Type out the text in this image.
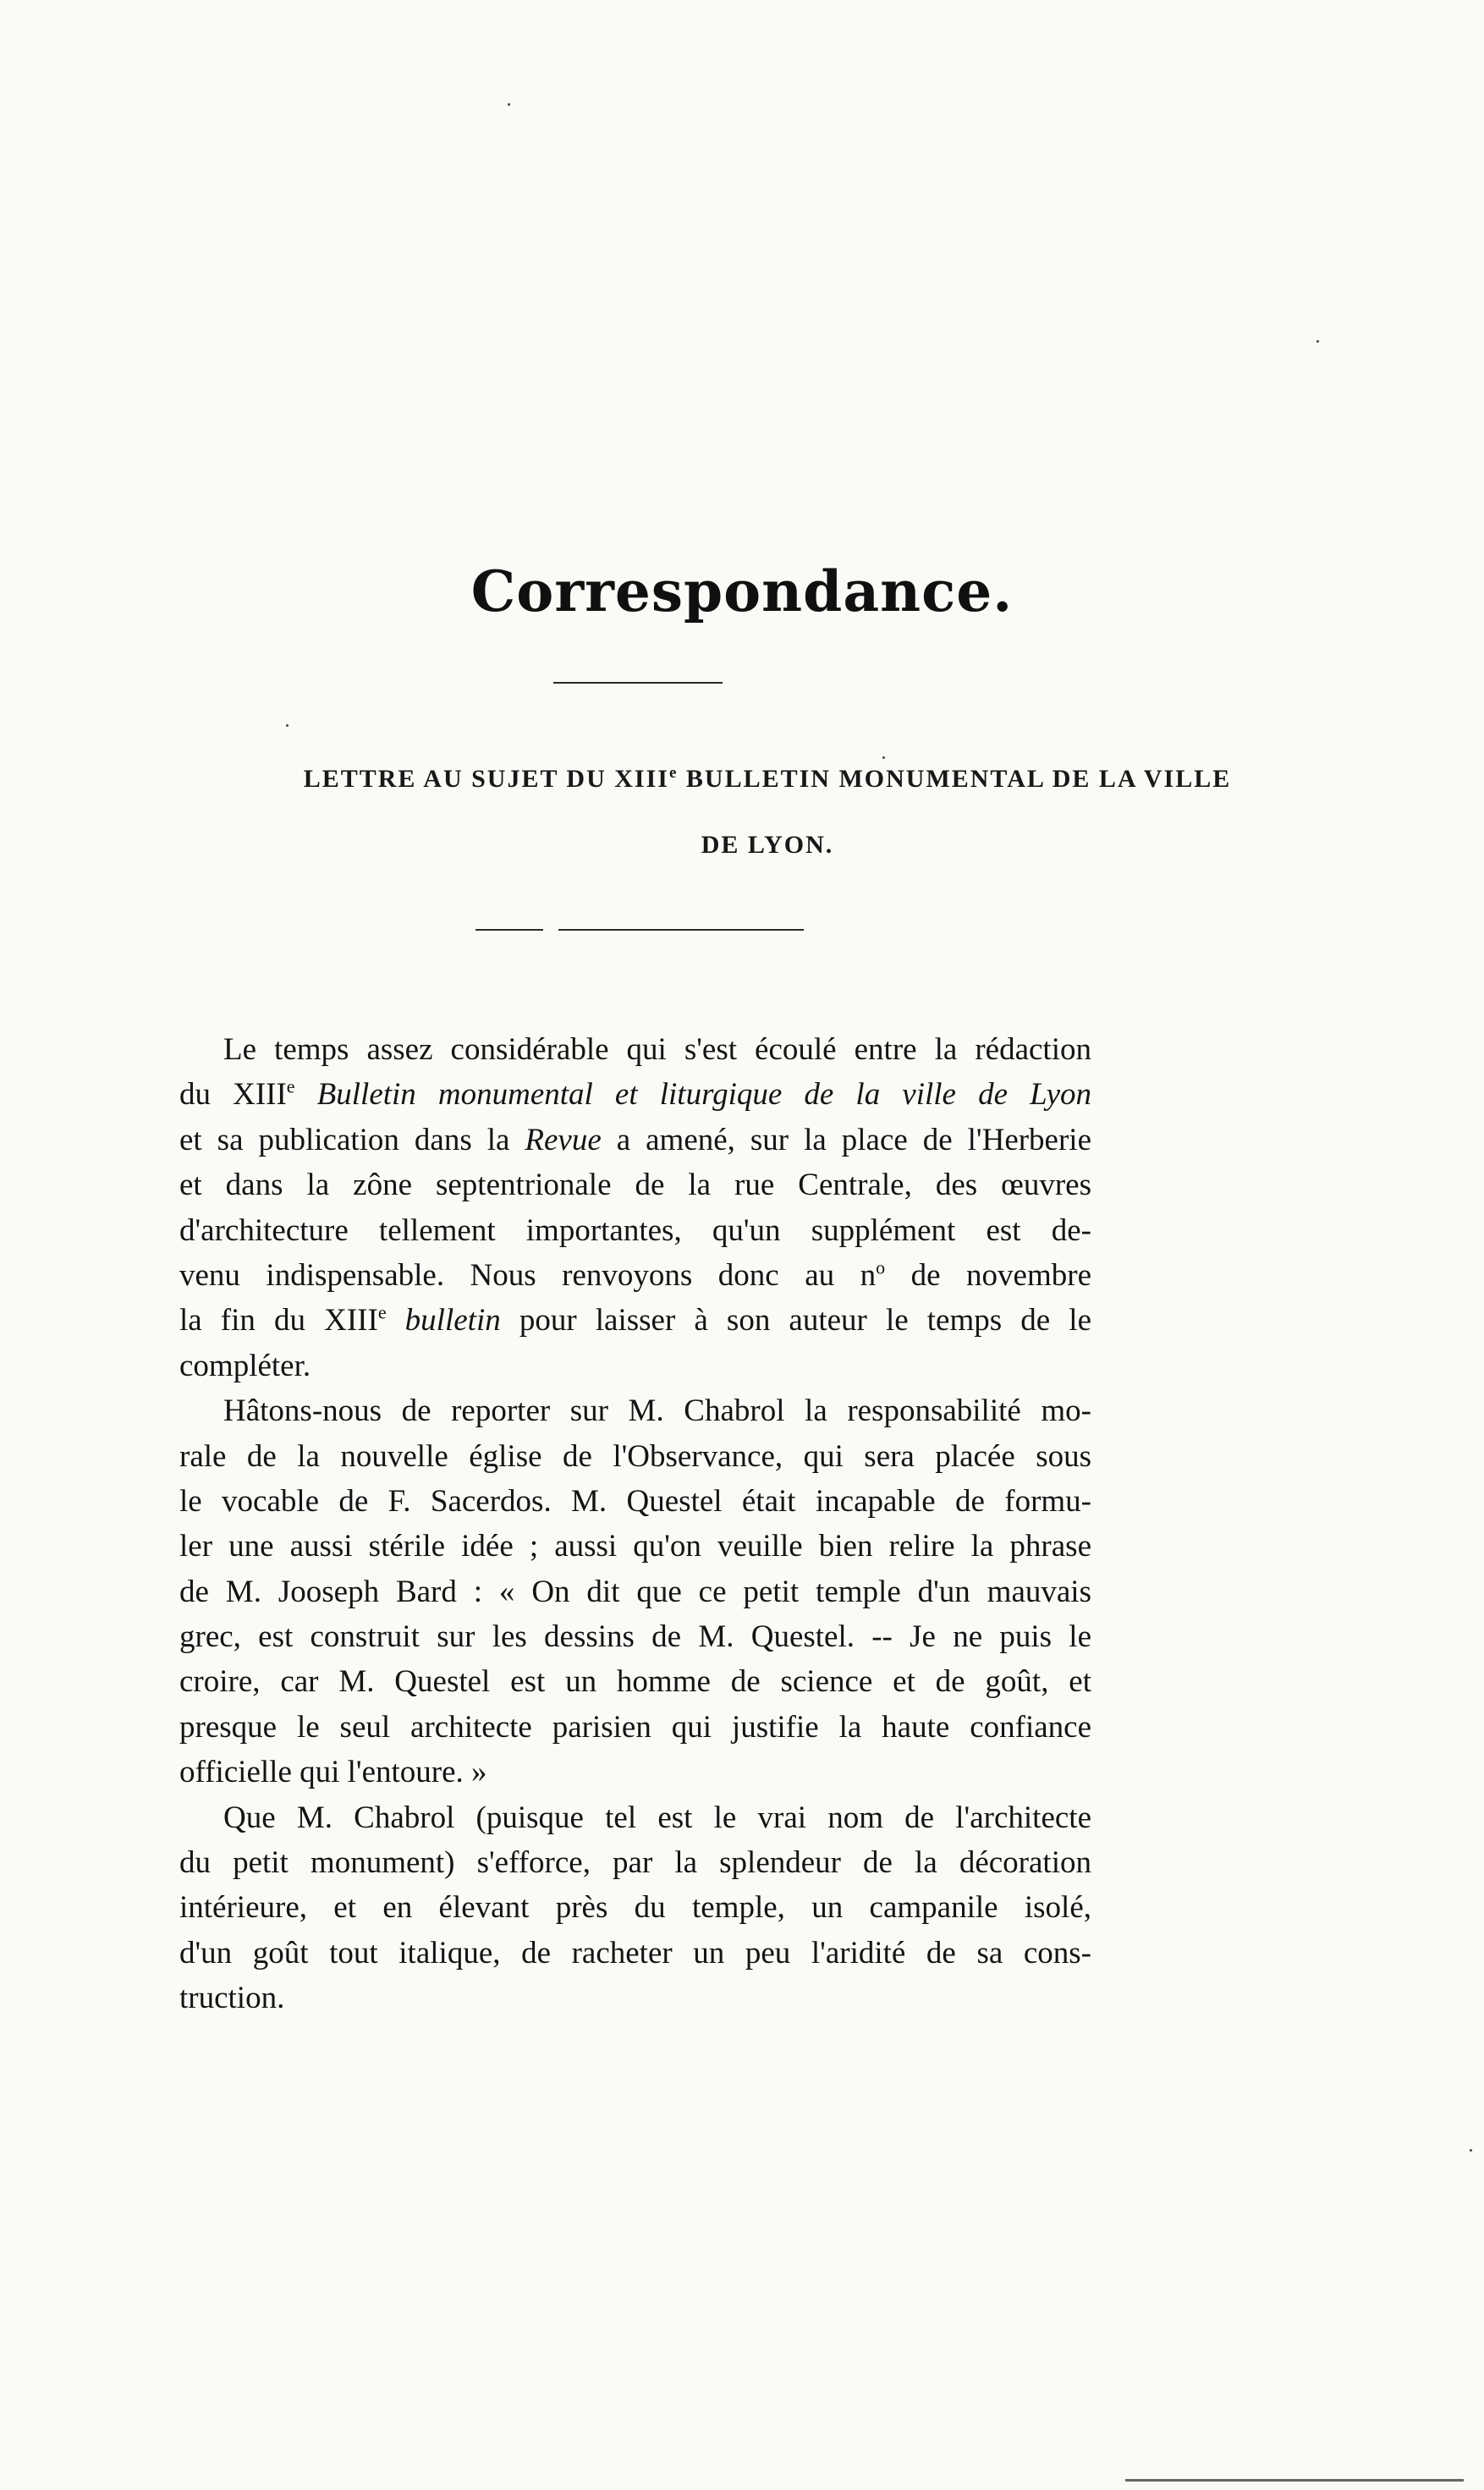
Correspondance.
LETTRE AU SUJET DU XIIIe BULLETIN MONUMENTAL DE LA VILLE
DE LYON.
Le temps assez considérable qui s'est écoulé entre la rédaction
du XIIIe Bulletin monumental et liturgique de la ville de Lyon
et sa publication dans la Revue a amené, sur la place de l'Herberie
et dans la zône septentrionale de la rue Centrale, des œuvres
d'architecture tellement importantes, qu'un supplément est de-
venu indispensable. Nous renvoyons donc au $n^o$ de novembre
la fin du XIIIe bulletin pour laisser à son auteur le temps de le
compléter.
Hâtons-nous de reporter sur M. Chabrol la responsabilité mo-
rale de la nouvelle église de l'Observance, qui sera placée sous
le vocable de F. Sacerdos. M. Questel était incapable de formu-
ler une aussi stérile idée ; aussi qu'on veuille bien relire la phrase
de M. Jooseph Bard : « On dit que ce petit temple d'un mauvais
grec, est construit sur les dessins de M. Questel. -- Je ne puis le
croire, car M. Questel est un homme de science et de goût, et
presque le seul architecte parisien qui justifie la haute confiance
officielle qui l'entoure. »
Que M. Chabrol (puisque tel est le vrai nom de l'architecte
du petit monument) s'efforce, par la splendeur de la décoration
intérieure, et en élevant près du temple, un campanile isolé,
d'un goût tout italique, de racheter un peu l'aridité de sa cons-
truction.
